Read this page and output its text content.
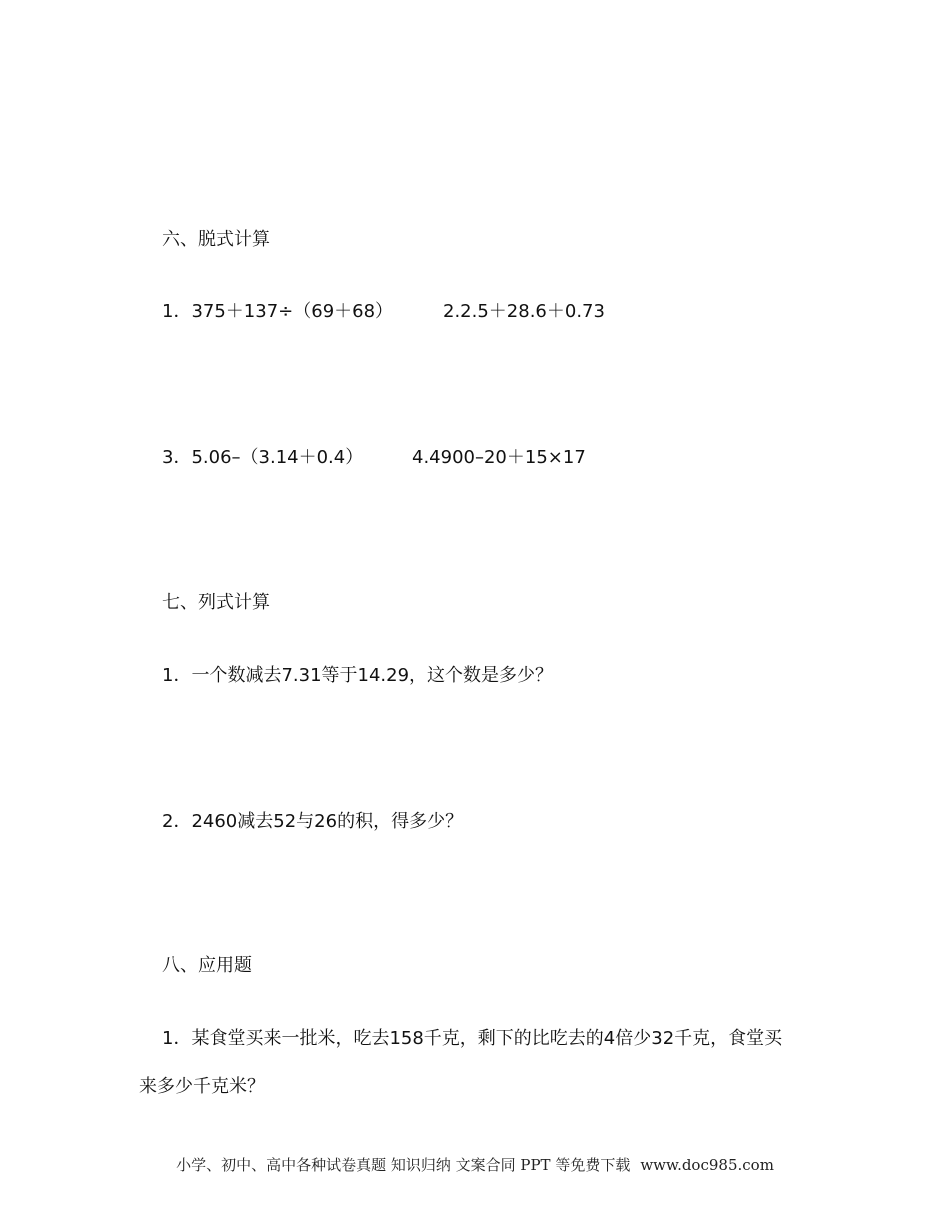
六、脱式计算
1．375＋137÷（69＋68）	2.2.5＋28.6＋0.73
3．5.06–（3.14＋0.4）	4.4900–20＋15×17
七、列式计算
1．一个数减去7.31等于14.29，这个数是多少？
2．2460减去52与26的积，得多少？
八、应用题
1．某食堂买来一批米，吃去158千克，剩下的比吃去的4倍少32千克，食堂买
来多少千克米？
小学、初中、高中各种试卷真题 知识归纳 文案合同 PPT 等免费下载 www.doc985.com
